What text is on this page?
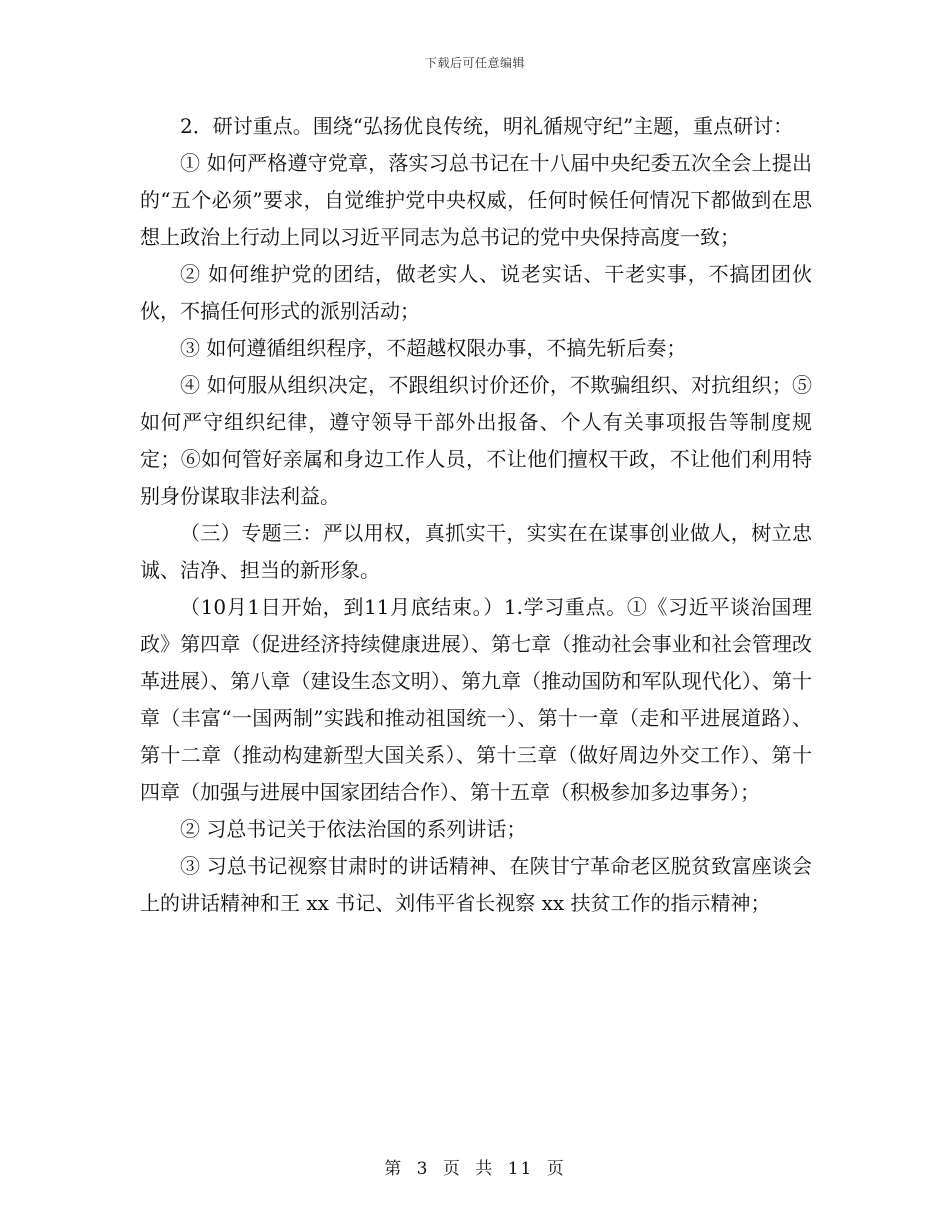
下载后可任意编辑

2．研讨重点。围绕“弘扬优良传统，明礼循规守纪”主题，重点研讨：

① 如何严格遵守党章，落实习总书记在十八届中央纪委五次全会上提出的“五个必须”要求，自觉维护党中央权威，任何时候任何情况下都做到在思想上政治上行动上同以习近平同志为总书记的党中央保持高度一致；

② 如何维护党的团结，做老实人、说老实话、干老实事，不搞团团伙伙，不搞任何形式的派别活动；

③ 如何遵循组织程序，不超越权限办事，不搞先斩后奏；

④ 如何服从组织决定，不跟组织讨价还价，不欺骗组织、对抗组织；⑤如何严守组织纪律，遵守领导干部外出报备、个人有关事项报告等制度规定；⑥如何管好亲属和身边工作人员，不让他们擅权干政，不让他们利用特别身份谋取非法利益。

（三）专题三：严以用权，真抓实干，实实在在谋事创业做人，树立忠诚、洁净、担当的新形象。

（10月1日开始，到11月底结束。）1.学习重点。①《习近平谈治国理政》第四章（促进经济持续健康进展）、第七章（推动社会事业和社会管理改革进展）、第八章（建设生态文明）、第九章（推动国防和军队现代化）、第十章（丰富“一国两制”实践和推动祖国统一）、第十一章（走和平进展道路）、第十二章（推动构建新型大国关系）、第十三章（做好周边外交工作）、第十四章（加强与进展中国家团结合作）、第十五章（积极参加多边事务）；

② 习总书记关于依法治国的系列讲话；

③ 习总书记视察甘肃时的讲话精神、在陕甘宁革命老区脱贫致富座谈会上的讲话精神和王 xx 书记、刘伟平省长视察 xx 扶贫工作的指示精神；

第 3 页 共 11 页
